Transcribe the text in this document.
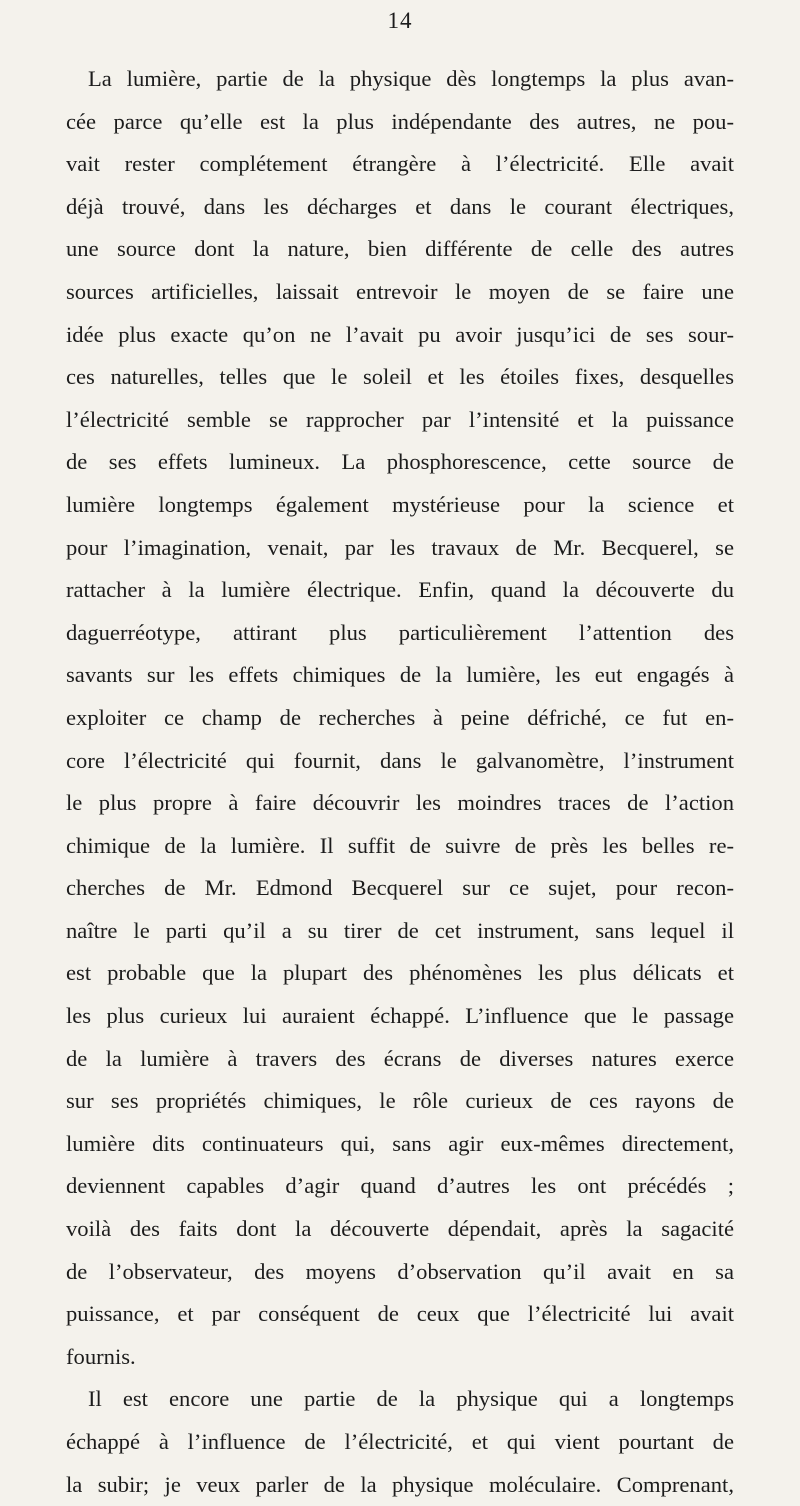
14
La lumière, partie de la physique dès longtemps la plus avan-
cée parce qu’elle est la plus indépendante des autres, ne pou-
vait rester complétement étrangère à l’électricité. Elle avait
déjà trouvé, dans les décharges et dans le courant électriques,
une source dont la nature, bien différente de celle des autres
sources artificielles, laissait entrevoir le moyen de se faire une
idée plus exacte qu’on ne l’avait pu avoir jusqu’ici de ses sour-
ces naturelles, telles que le soleil et les étoiles fixes, desquelles
l’électricité semble se rapprocher par l’intensité et la puissance
de ses effets lumineux. La phosphorescence, cette source de
lumière longtemps également mystérieuse pour la science et
pour l’imagination, venait, par les travaux de Mr. Becquerel, se
rattacher à la lumière électrique. Enfin, quand la découverte du
daguerréotype, attirant plus particulièrement l’attention des
savants sur les effets chimiques de la lumière, les eut engagés à
exploiter ce champ de recherches à peine défriché, ce fut en-
core l’électricité qui fournit, dans le galvanomètre, l’instrument
le plus propre à faire découvrir les moindres traces de l’action
chimique de la lumière. Il suffit de suivre de près les belles re-
cherches de Mr. Edmond Becquerel sur ce sujet, pour recon-
naître le parti qu’il a su tirer de cet instrument, sans lequel il
est probable que la plupart des phénomènes les plus délicats et
les plus curieux lui auraient échappé. L’influence que le passage
de la lumière à travers des écrans de diverses natures exerce
sur ses propriétés chimiques, le rôle curieux de ces rayons de
lumière dits continuateurs qui, sans agir eux-mêmes directement,
deviennent capables d’agir quand d’autres les ont précédés ;
voilà des faits dont la découverte dépendait, après la sagacité
de l’observateur, des moyens d’observation qu’il avait en sa
puissance, et par conséquent de ceux que l’électricité lui avait
fournis.
Il est encore une partie de la physique qui a longtemps
échappé à l’influence de l’électricité, et qui vient pourtant de
la subir; je veux parler de la physique moléculaire. Comprenant,
